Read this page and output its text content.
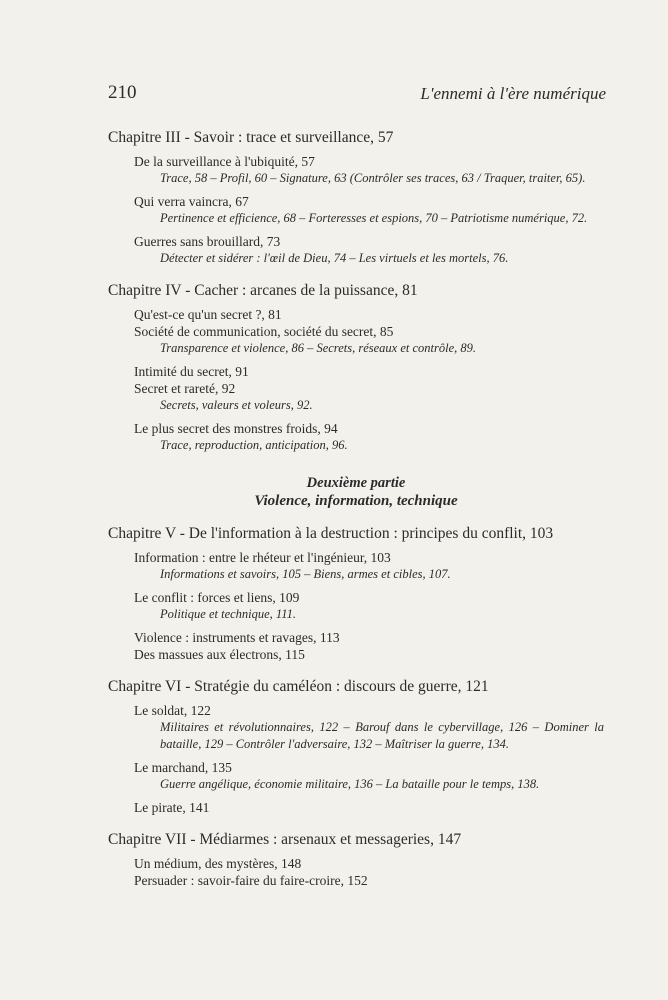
210	L'ennemi à l'ère numérique
Chapitre III - Savoir : trace et surveillance, 57
De la surveillance à l'ubiquité, 57
Trace, 58 – Profil, 60 – Signature, 63 (Contrôler ses traces, 63 / Traquer, traiter, 65).
Qui verra vaincra, 67
Pertinence et efficience, 68 – Forteresses et espions, 70 – Patriotisme numérique, 72.
Guerres sans brouillard, 73
Détecter et sidérer : l'œil de Dieu, 74 – Les virtuels et les mortels, 76.
Chapitre IV - Cacher : arcanes de la puissance, 81
Qu'est-ce qu'un secret ?, 81
Société de communication, société du secret, 85
Transparence et violence, 86 – Secrets, réseaux et contrôle, 89.
Intimité du secret, 91
Secret et rareté, 92
Secrets, valeurs et voleurs, 92.
Le plus secret des monstres froids, 94
Trace, reproduction, anticipation, 96.
Deuxième partie
Violence, information, technique
Chapitre V - De l'information à la destruction : principes du conflit, 103
Information : entre le rhéteur et l'ingénieur, 103
Informations et savoirs, 105 – Biens, armes et cibles, 107.
Le conflit : forces et liens, 109
Politique et technique, 111.
Violence : instruments et ravages, 113
Des massues aux électrons, 115
Chapitre VI - Stratégie du caméléon : discours de guerre, 121
Le soldat, 122
Militaires et révolutionnaires, 122 – Barouf dans le cybervillage, 126 – Dominer la bataille, 129 – Contrôler l'adversaire, 132 – Maîtriser la guerre, 134.
Le marchand, 135
Guerre angélique, économie militaire, 136 – La bataille pour le temps, 138.
Le pirate, 141
Chapitre VII - Médiarmes : arsenaux et messageries, 147
Un médium, des mystères, 148
Persuader : savoir-faire du faire-croire, 152
